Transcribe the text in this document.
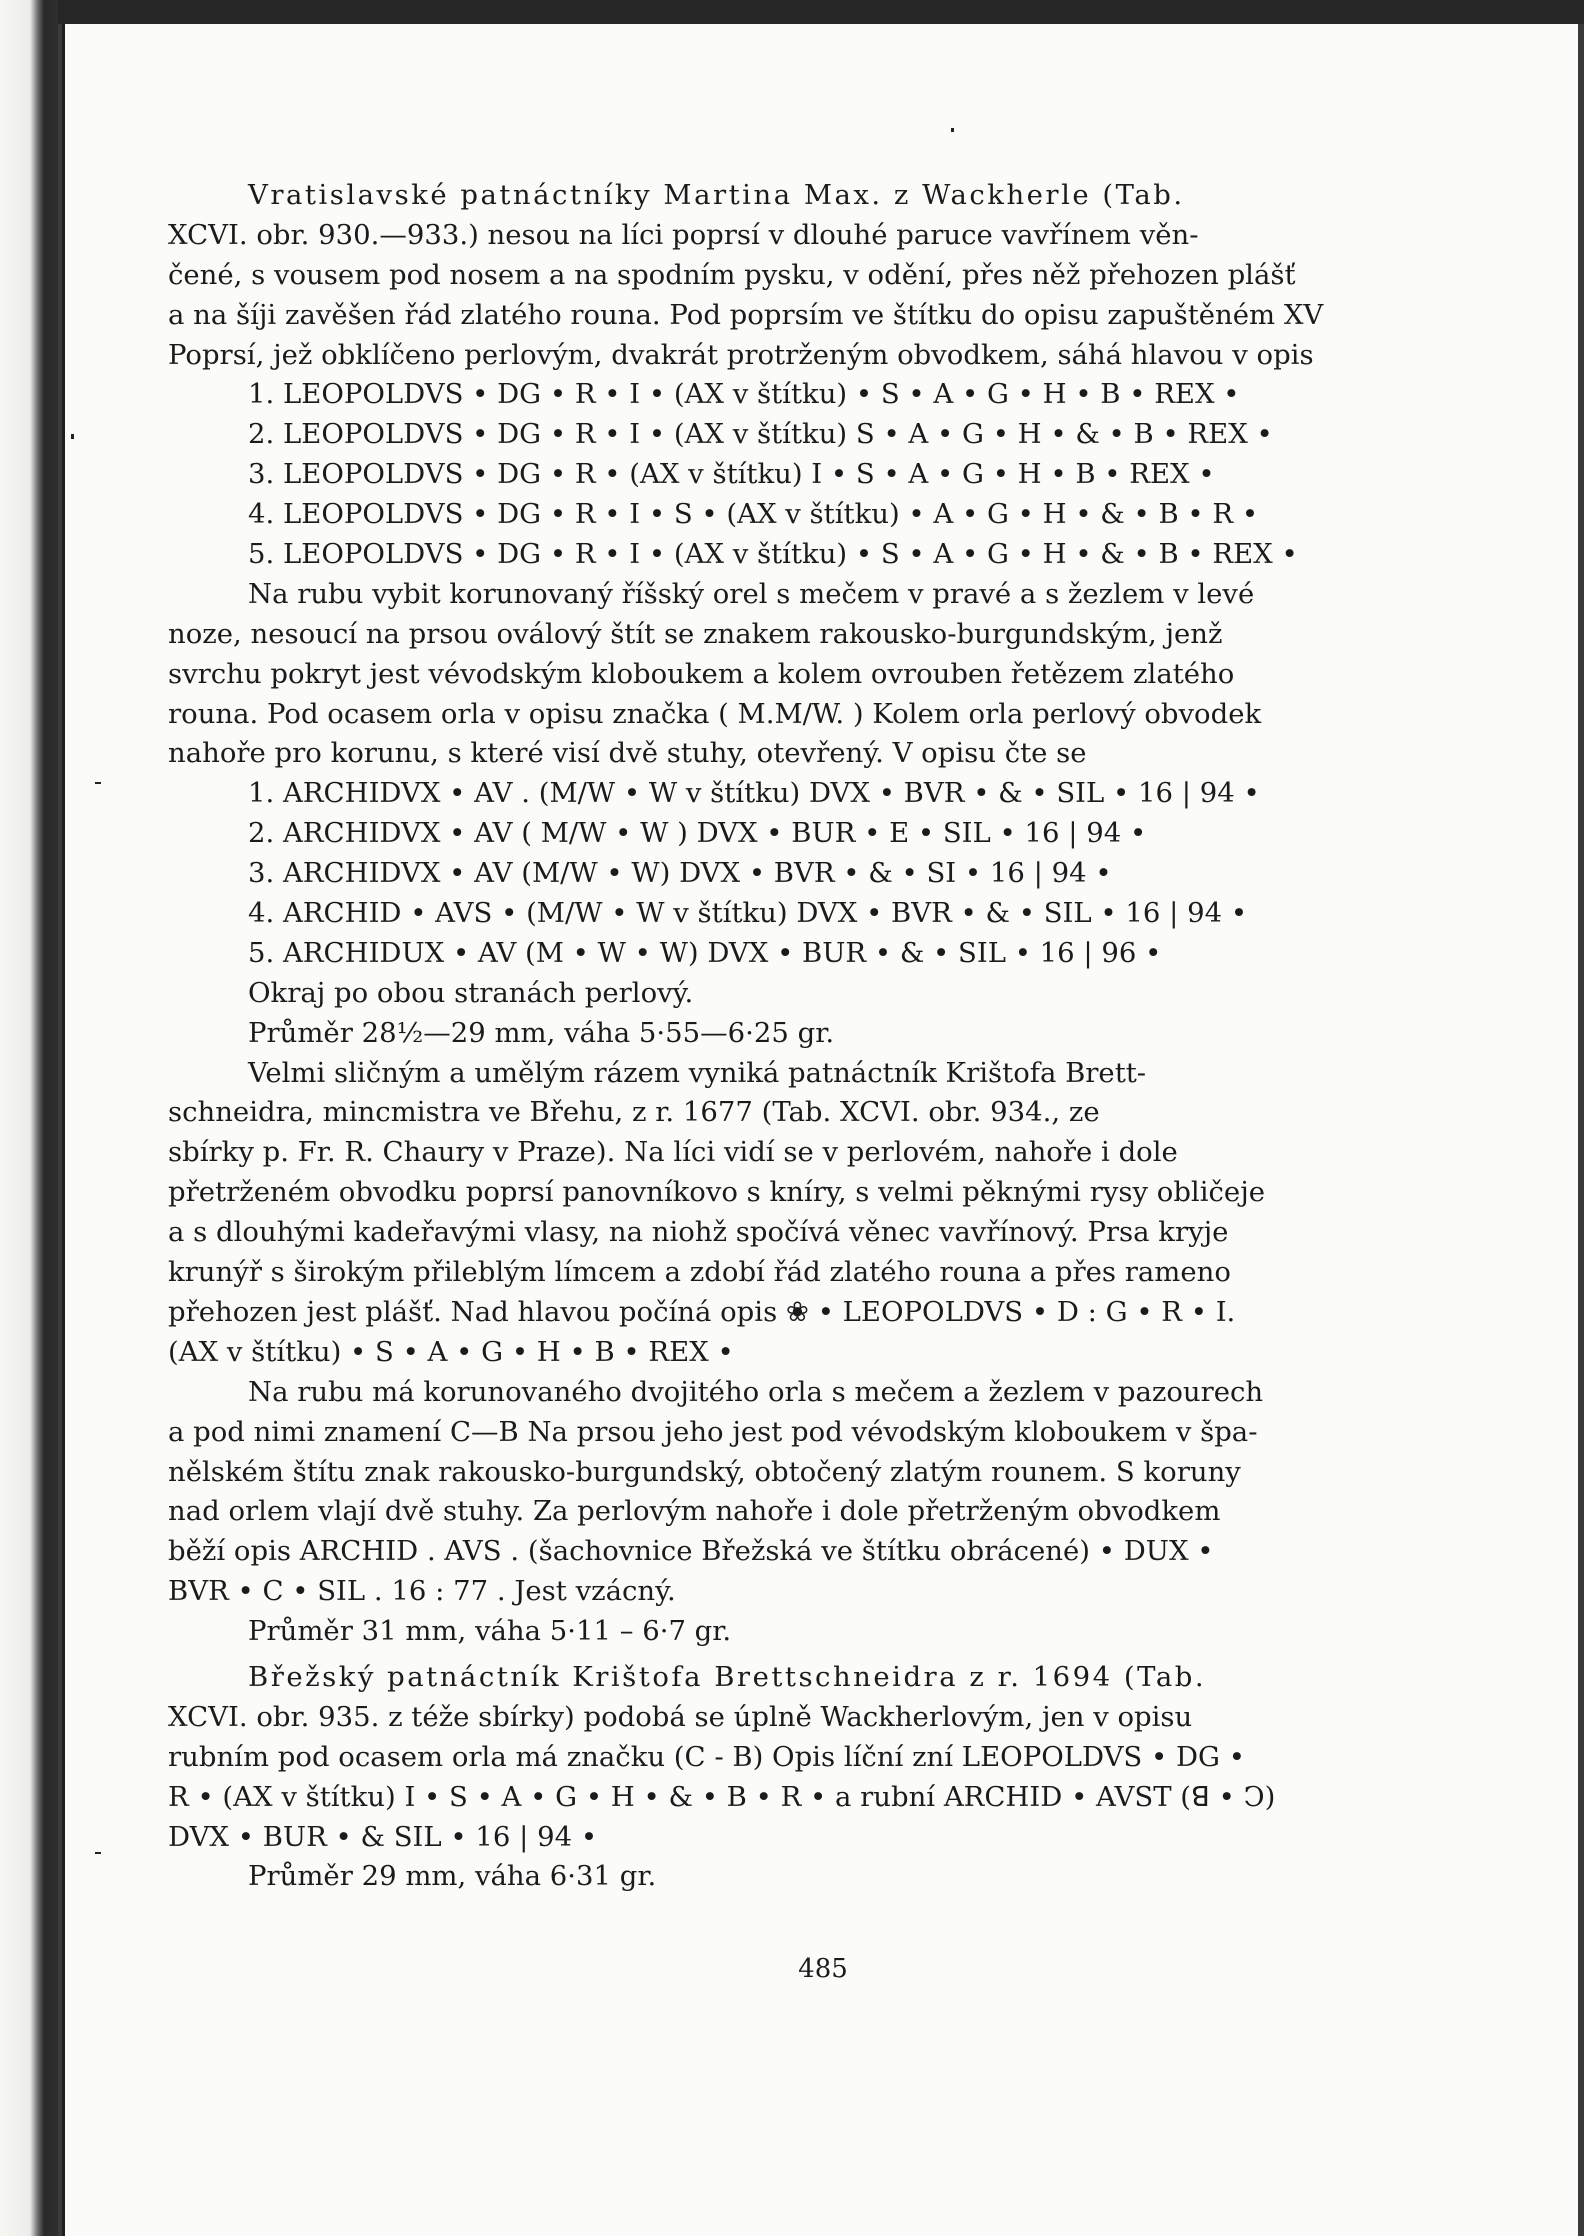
Vratislavské patnáctníky Martina Max. z Wackherle (Tab.
XCVI. obr. 930.—933.) nesou na líci poprsí v dlouhé paruce vavřínem věn-
čené, s vousem pod nosem a na spodním pysku, v odění, přes něž přehozen plášť
a na šíji zavěšen řád zlatého rouna. Pod poprsím ve štítku do opisu zapuštěném XV
Poprsí, jež obklíčeno perlovým, dvakrát protrženým obvodkem, sáhá hlavou v opis
1. LEOPOLDVS • DG • R • I • (AX v štítku) • S • A • G • H • B • REX •
2. LEOPOLDVS • DG • R • I • (AX v štítku) S • A • G • H • & • B • REX •
3. LEOPOLDVS • DG • R • (AX v štítku) I • S • A • G • H • B • REX •
4. LEOPOLDVS • DG • R • I • S • (AX v štítku) • A • G • H • & • B • R •
5. LEOPOLDVS • DG • R • I • (AX v štítku) • S • A • G • H • & • B • REX •
Na rubu vybit korunovaný říšský orel s mečem v pravé a s žezlem v levé
noze, nesoucí na prsou oválový štít se znakem rakousko-burgundským, jenž
svrchu pokryt jest vévodským kloboukem a kolem ovrouben řetězem zlatého
rouna. Pod ocasem orla v opisu značka ( M.M/W. ) Kolem orla perlový obvodek
nahoře pro korunu, s které visí dvě stuhy, otevřený. V opisu čte se
1. ARCHIDVX • AV . (M/W • W v štítku) DVX • BVR • & • SIL • 16 | 94 •
2. ARCHIDVX • AV ( M/W • W ) DVX • BUR • E • SIL • 16 | 94 •
3. ARCHIDVX • AV (M/W • W) DVX • BVR • & • SI • 16 | 94 •
4. ARCHID • AVS • (M/W • W v štítku) DVX • BVR • & • SIL • 16 | 94 •
5. ARCHIDUX • AV (M • W • W) DVX • BUR • & • SIL • 16 | 96 •
Okraj po obou stranách perlový.
Průměr 28½—29 mm, váha 5·55—6·25 gr.
Velmi sličným a umělým rázem vyniká patnáctník Krištofa Brett-
schneidra, mincmistra ve Břehu, z r. 1677 (Tab. XCVI. obr. 934., ze
sbírky p. Fr. R. Chaury v Praze). Na líci vidí se v perlovém, nahoře i dole
přetrženém obvodku poprsí panovníkovo s kníry, s velmi pěknými rysy obličeje
a s dlouhými kadeřavými vlasy, na niohž spočívá věnec vavřínový. Prsa kryje
krunýř s širokým přileblým límcem a zdobí řád zlatého rouna a přes rameno
přehozen jest plášť. Nad hlavou počíná opis ❀ • LEOPOLDVS • D : G • R • I.
(AX v štítku) • S • A • G • H • B • REX •
Na rubu má korunovaného dvojitého orla s mečem a žezlem v pazourech
a pod nimi znamení C—B Na prsou jeho jest pod vévodským kloboukem v špa-
nělském štítu znak rakousko-burgundský, obtočený zlatým rounem. S koruny
nad orlem vlají dvě stuhy. Za perlovým nahoře i dole přetrženým obvodkem
běží opis ARCHID . AVS . (šachovnice Břežská ve štítku obrácené) • DUX •
BVR • C • SIL . 16 : 77 . Jest vzácný.
Průměr 31 mm, váha 5·11 – 6·7 gr.
Břežský patnáctník Krištofa Brettschneidra z r. 1694 (Tab.
XCVI. obr. 935. z téže sbírky) podobá se úplně Wackherlovým, jen v opisu
rubním pod ocasem orla má značku (C - B) Opis líční zní LEOPOLDVS • DG •
R • (AX v štítku) I • S • A • G • H • & • B • R • a rubní ARCHID • AVST (ꓭ • Ↄ)
DVX • BUR • & SIL • 16 | 94 •
Průměr 29 mm, váha 6·31 gr.
485
